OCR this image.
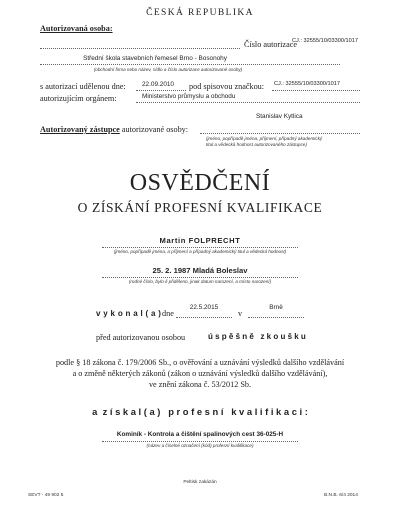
ČESKÁ REPUBLIKA
Autorizovaná osoba:
Číslo autorizace
CJ.: 32555/10/03300/1017
Střední škola stavebních řemesel Brno - Bosonohy
(obchodní firma nebo název, sídlo a číslo autorizace autorizované osoby)
s autorizací udělenou dne:	22.09.2010 pod spisovou značkou: CJ.: 32555/10/03300/1017
autorizujícím orgánem:	Ministerstvo průmyslu a obchodu
Autorizovaný zástupce autorizované osoby:
Stanislav Kytlica
(jméno, popřípadě jména, příjmení, případný akademický
titul a vědecká hodnost autorizovaného zástupce)
OSVĚDČENÍ
O ZÍSKÁNÍ PROFESNÍ KVALIFIKACE
Martin FOLPRECHT
(jméno, popřípadě jména, a příjmení a případný akademický titul a vědecká hodnost)
25. 2. 1987 Mladá Boleslav
(rodné číslo, bylo-li přiděleno, jinak datum narození, a místo narození)
v y k o n a l ( a ) dne
22.5.2015
v
Brně
před autorizovanou osobou	ú s p ě š n ě   z k o u š k u
podle § 18 zákona č. 179/2006 Sb., o ověřování a uznávání výsledků dalšího vzdělávání
a o změně některých zákonů (zákon o uznávání výsledků dalšího vzdělávání),
ve znění zákona č. 53/2012 Sb.
a  z í s k a l ( a )   p r o f e s n í   k v a l i f i k a c i :
Kominík - Kontrola a čištění spalinových cest 36-025-H
(název a číselné označení (kód) profesní kvalifikace)
Peltisk zakázán
SEVT - 49 902 5	B.N.B. 6/4 2014
